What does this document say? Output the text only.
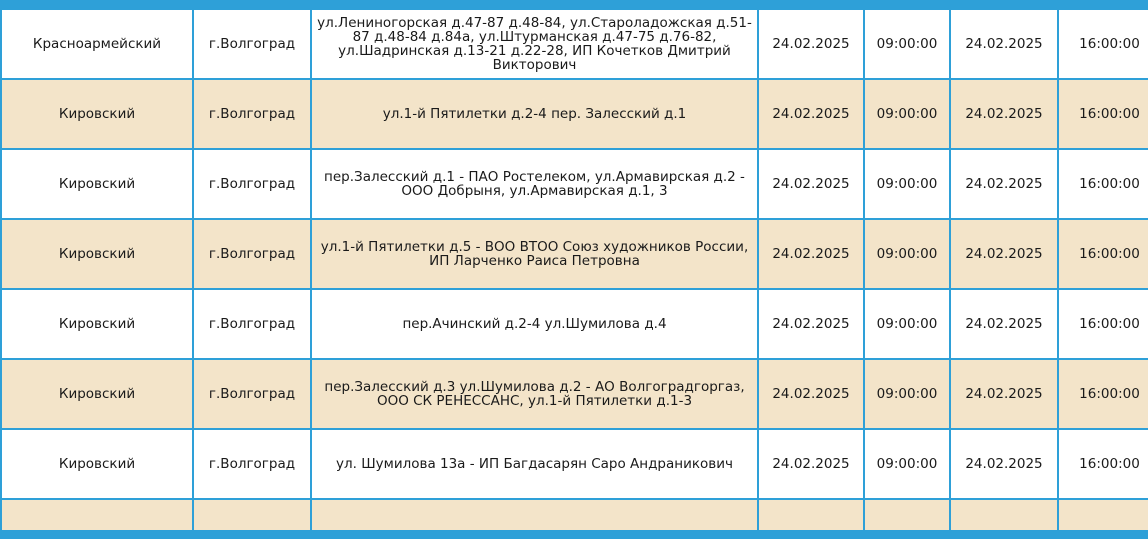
Красноармейский	г.Волгоград	ул.Лениногорская д.47-87 д.48-84, ул.Староладожская д.51-87 д.48-84 д.84а, ул.Штурманская д.47-75 д.76-82, ул.Шадринская д.13-21 д.22-28, ИП Кочетков Дмитрий Викторович	24.02.2025	09:00:00	24.02.2025	16:00:00
Кировский	г.Волгоград	ул.1-й Пятилетки д.2-4 пер. Залесский д.1	24.02.2025	09:00:00	24.02.2025	16:00:00
Кировский	г.Волгоград	пер.Залесский д.1 - ПАО Ростелеком, ул.Армавирская д.2 - ООО Добрыня, ул.Армавирская д.1, 3	24.02.2025	09:00:00	24.02.2025	16:00:00
Кировский	г.Волгоград	ул.1-й Пятилетки д.5 - ВОО ВТОО Союз художников России, ИП Ларченко Раиса Петровна	24.02.2025	09:00:00	24.02.2025	16:00:00
Кировский	г.Волгоград	пер.Ачинский д.2-4 ул.Шумилова д.4	24.02.2025	09:00:00	24.02.2025	16:00:00
Кировский	г.Волгоград	пер.Залесский д.3 ул.Шумилова д.2 - АО Волгоградгоргаз, ООО СК РЕНЕССАНС, ул.1-й Пятилетки д.1-3	24.02.2025	09:00:00	24.02.2025	16:00:00
Кировский	г.Волгоград	ул. Шумилова 13а - ИП Багдасарян Саро Андраникович	24.02.2025	09:00:00	24.02.2025	16:00:00
